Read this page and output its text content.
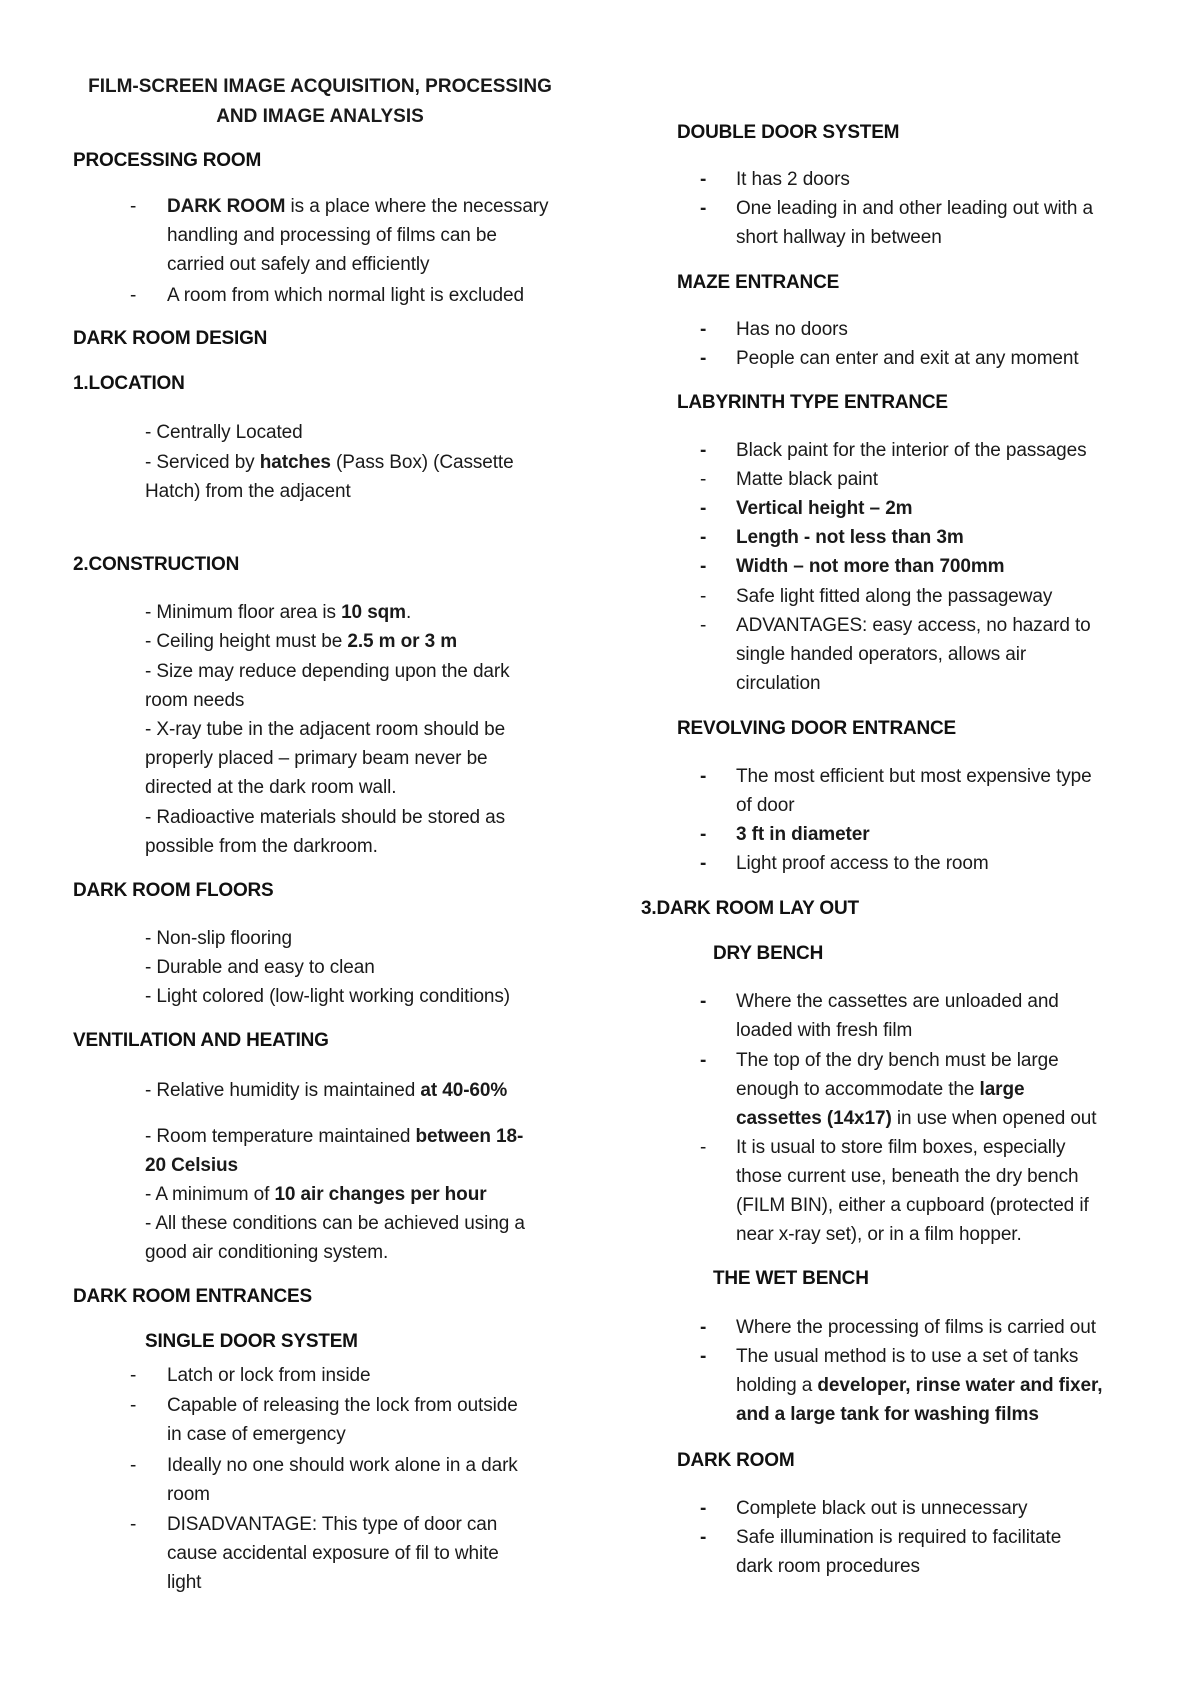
FILM-SCREEN IMAGE ACQUISITION, PROCESSING
AND IMAGE ANALYSIS
PROCESSING ROOM
- DARK ROOM is a place where the necessary
handling and processing of films can be
carried out safely and efficiently
- A room from which normal light is excluded
DARK ROOM DESIGN
1.LOCATION
- Centrally Located
- Serviced by hatches (Pass Box) (Cassette
Hatch) from the adjacent
2.CONSTRUCTION
- Minimum floor area is 10 sqm.
- Ceiling height must be 2.5 m or 3 m
- Size may reduce depending upon the dark
room needs
- X-ray tube in the adjacent room should be
properly placed – primary beam never be
directed at the dark room wall.
- Radioactive materials should be stored as
possible from the darkroom.
DARK ROOM FLOORS
- Non-slip flooring
- Durable and easy to clean
- Light colored (low-light working conditions)
VENTILATION AND HEATING
- Relative humidity is maintained at 40-60%
- Room temperature maintained between 18-
20 Celsius
- A minimum of 10 air changes per hour
- All these conditions can be achieved using a
good air conditioning system.
DARK ROOM ENTRANCES
SINGLE DOOR SYSTEM
- Latch or lock from inside
- Capable of releasing the lock from outside
in case of emergency
- Ideally no one should work alone in a dark
room
- DISADVANTAGE: This type of door can
cause accidental exposure of fil to white
light
DOUBLE DOOR SYSTEM
- It has 2 doors
- One leading in and other leading out with a
short hallway in between
MAZE ENTRANCE
- Has no doors
- People can enter and exit at any moment
LABYRINTH TYPE ENTRANCE
- Black paint for the interior of the passages
- Matte black paint
- Vertical height – 2m
- Length - not less than 3m
- Width – not more than 700mm
- Safe light fitted along the passageway
- ADVANTAGES: easy access, no hazard to
single handed operators, allows air
circulation
REVOLVING DOOR ENTRANCE
- The most efficient but most expensive type
of door
- 3 ft in diameter
- Light proof access to the room
3.DARK ROOM LAY OUT
DRY BENCH
- Where the cassettes are unloaded and
loaded with fresh film
- The top of the dry bench must be large
enough to accommodate the large
cassettes (14x17) in use when opened out
- It is usual to store film boxes, especially
those current use, beneath the dry bench
(FILM BIN), either a cupboard (protected if
near x-ray set), or in a film hopper.
THE WET BENCH
- Where the processing of films is carried out
- The usual method is to use a set of tanks
holding a developer, rinse water and fixer,
and a large tank for washing films
DARK ROOM
- Complete black out is unnecessary
- Safe illumination is required to facilitate
dark room procedures
